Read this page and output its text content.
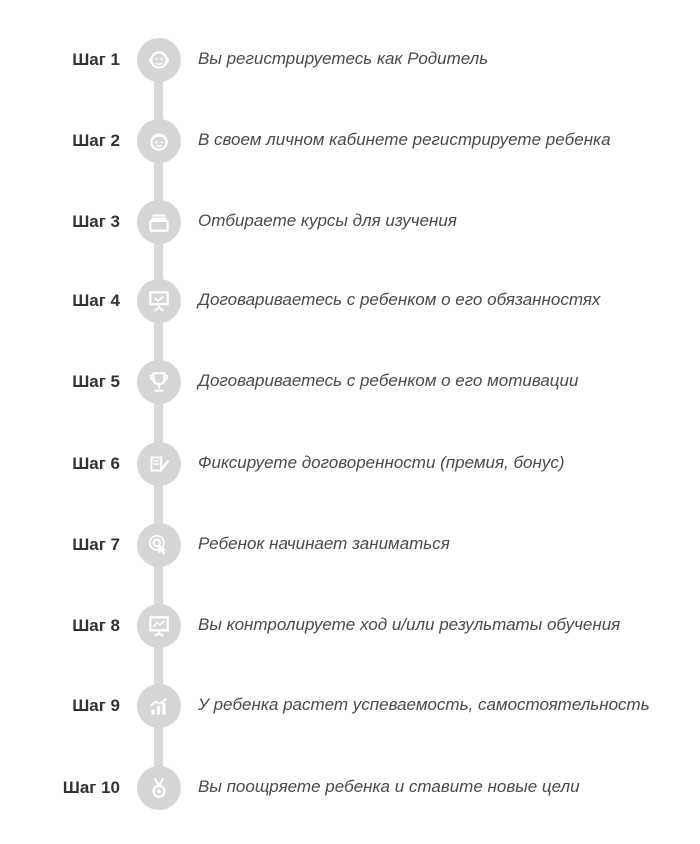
Шаг 1	Вы регистрируетесь как Родитель
Шаг 2	В своем личном кабинете регистрируете ребенка
Шаг 3	Отбираете курсы для изучения
Шаг 4	Договариваетесь с ребенком о его обязанностях
Шаг 5	Договариваетесь с ребенком о его мотивации
Шаг 6	Фиксируете договоренности (премия, бонус)
Шаг 7	Ребенок начинает заниматься
Шаг 8	Вы контролируете ход и/или результаты обучения
Шаг 9	У ребенка растет успеваемость, самостоятельность
Шаг 10	Вы поощряете ребенка и ставите новые цели
